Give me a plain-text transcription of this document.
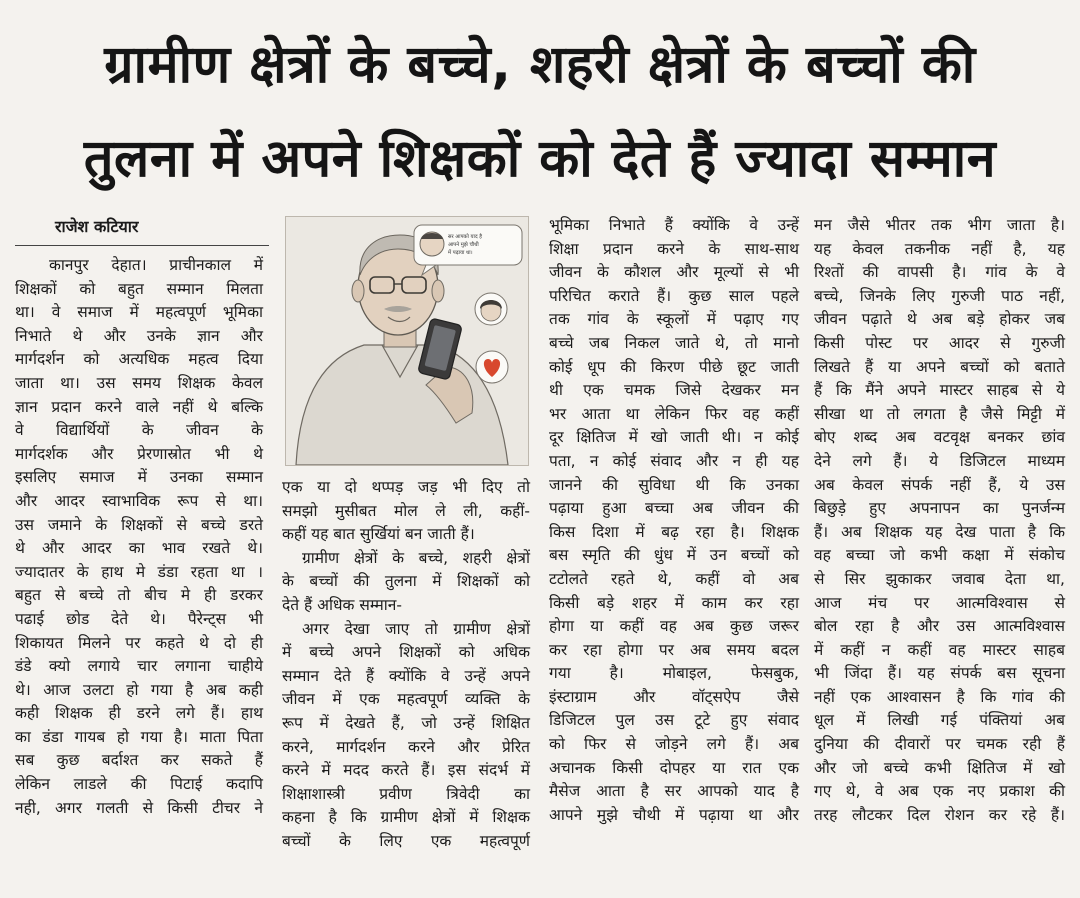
ग्रामीण क्षेत्रों के बच्चे, शहरी क्षेत्रों के बच्चों की
तुलना में अपने शिक्षकों को देते हैं ज्यादा सम्मान
राजेश कटियार

कानपुर देहात। प्राचीनकाल में

शिक्षकों को बहुत सम्मान मिलता

था। वे समाज में महत्वपूर्ण भूमिका

निभाते थे और उनके ज्ञान और

मार्गदर्शन को अत्यधिक महत्व दिया

जाता था। उस समय शिक्षक केवल

ज्ञान प्रदान करने वाले नहीं थे बल्कि

वे विद्यार्थियों के जीवन के

मार्गदर्शक और प्रेरणास्रोत भी थे

इसलिए समाज में उनका सम्मान

और आदर स्वाभाविक रूप से था।

उस जमाने के शिक्षकों से बच्चे डरते

थे और आदर का भाव रखते थे।

ज्यादातर के हाथ मे डंडा रहता था ।

बहुत से बच्चे तो बीच मे ही डरकर

पढाई छोड देते थे। पैरेन्ट्स भी

शिकायत मिलने पर कहते थे दो ही

डंडे क्यो लगाये चार लगाना चाहीये

थे। आज उलटा हो गया है अब कही

कही शिक्षक ही डरने लगे हैं। हाथ

का डंडा गायब हो गया है। माता पिता

सब कुछ बर्दाश्त कर सकते हैं

लेकिन लाडले की पिटाई कदापि

नही, अगर गलती से किसी टीचर ने

सर आपको याद है
आपने मुझे चौथी
में पढ़ाया था।

एक या दो थप्पड़ जड़ भी दिए तो

समझो मुसीबत मोल ले ली, कहीं-

कहीं यह बात सुर्खियां बन जाती हैं।

ग्रामीण क्षेत्रों के बच्चे, शहरी क्षेत्रों

के बच्चों की तुलना में शिक्षकों को

देते हैं अधिक सम्मान-

अगर देखा जाए तो ग्रामीण क्षेत्रों

में बच्चे अपने शिक्षकों को अधिक

सम्मान देते हैं क्योंकि वे उन्हें अपने

जीवन में एक महत्वपूर्ण व्यक्ति के

रूप में देखते हैं, जो उन्हें शिक्षित

करने, मार्गदर्शन करने और प्रेरित

करने में मदद करते हैं। इस संदर्भ में

शिक्षाशास्त्री प्रवीण त्रिवेदी का

कहना है कि ग्रामीण क्षेत्रों में शिक्षक

बच्चों के लिए एक महत्वपूर्ण

भूमिका निभाते हैं क्योंकि वे उन्हें

शिक्षा प्रदान करने के साथ-साथ

जीवन के कौशल और मूल्यों से भी

परिचित कराते हैं। कुछ साल पहले

तक गांव के स्कूलों में पढ़ाए गए

बच्चे जब निकल जाते थे, तो मानो

कोई धूप की किरण पीछे छूट जाती

थी एक चमक जिसे देखकर मन

भर आता था लेकिन फिर वह कहीं

दूर क्षितिज में खो जाती थी। न कोई

पता, न कोई संवाद और न ही यह

जानने की सुविधा थी कि उनका

पढ़ाया हुआ बच्चा अब जीवन की

किस दिशा में बढ़ रहा है। शिक्षक

बस स्मृति की धुंध में उन बच्चों को

टटोलते रहते थे, कहीं वो अब

किसी बड़े शहर में काम कर रहा

होगा या कहीं वह अब कुछ जरूर

कर रहा होगा पर अब समय बदल

गया है। मोबाइल, फेसबुक,

इंस्टाग्राम और वॉट्सऐप जैसे

डिजिटल पुल उस टूटे हुए संवाद

को फिर से जोड़ने लगे हैं। अब

अचानक किसी दोपहर या रात एक

मैसेज आता है सर आपको याद है

आपने मुझे चौथी में पढ़ाया था और

मन जैसे भीतर तक भीग जाता है।

यह केवल तकनीक नहीं है, यह

रिश्तों की वापसी है। गांव के वे

बच्चे, जिनके लिए गुरुजी पाठ नहीं,

जीवन पढ़ाते थे अब बड़े होकर जब

किसी पोस्ट पर आदर से गुरुजी

लिखते हैं या अपने बच्चों को बताते

हैं कि मैंने अपने मास्टर साहब से ये

सीखा था तो लगता है जैसे मिट्टी में

बोए शब्द अब वटवृक्ष बनकर छांव

देने लगे हैं। ये डिजिटल माध्यम

अब केवल संपर्क नहीं हैं, ये उस

बिछुड़े हुए अपनापन का पुनर्जन्म

हैं। अब शिक्षक यह देख पाता है कि

वह बच्चा जो कभी कक्षा में संकोच

से सिर झुकाकर जवाब देता था,

आज मंच पर आत्मविश्वास से

बोल रहा है और उस आत्मविश्वास

में कहीं न कहीं वह मास्टर साहब

भी जिंदा हैं। यह संपर्क बस सूचना

नहीं एक आश्वासन है कि गांव की

धूल में लिखी गई पंक्तियां अब

दुनिया की दीवारों पर चमक रही हैं

और जो बच्चे कभी क्षितिज में खो

गए थे, वे अब एक नए प्रकाश की

तरह लौटकर दिल रोशन कर रहे हैं।
